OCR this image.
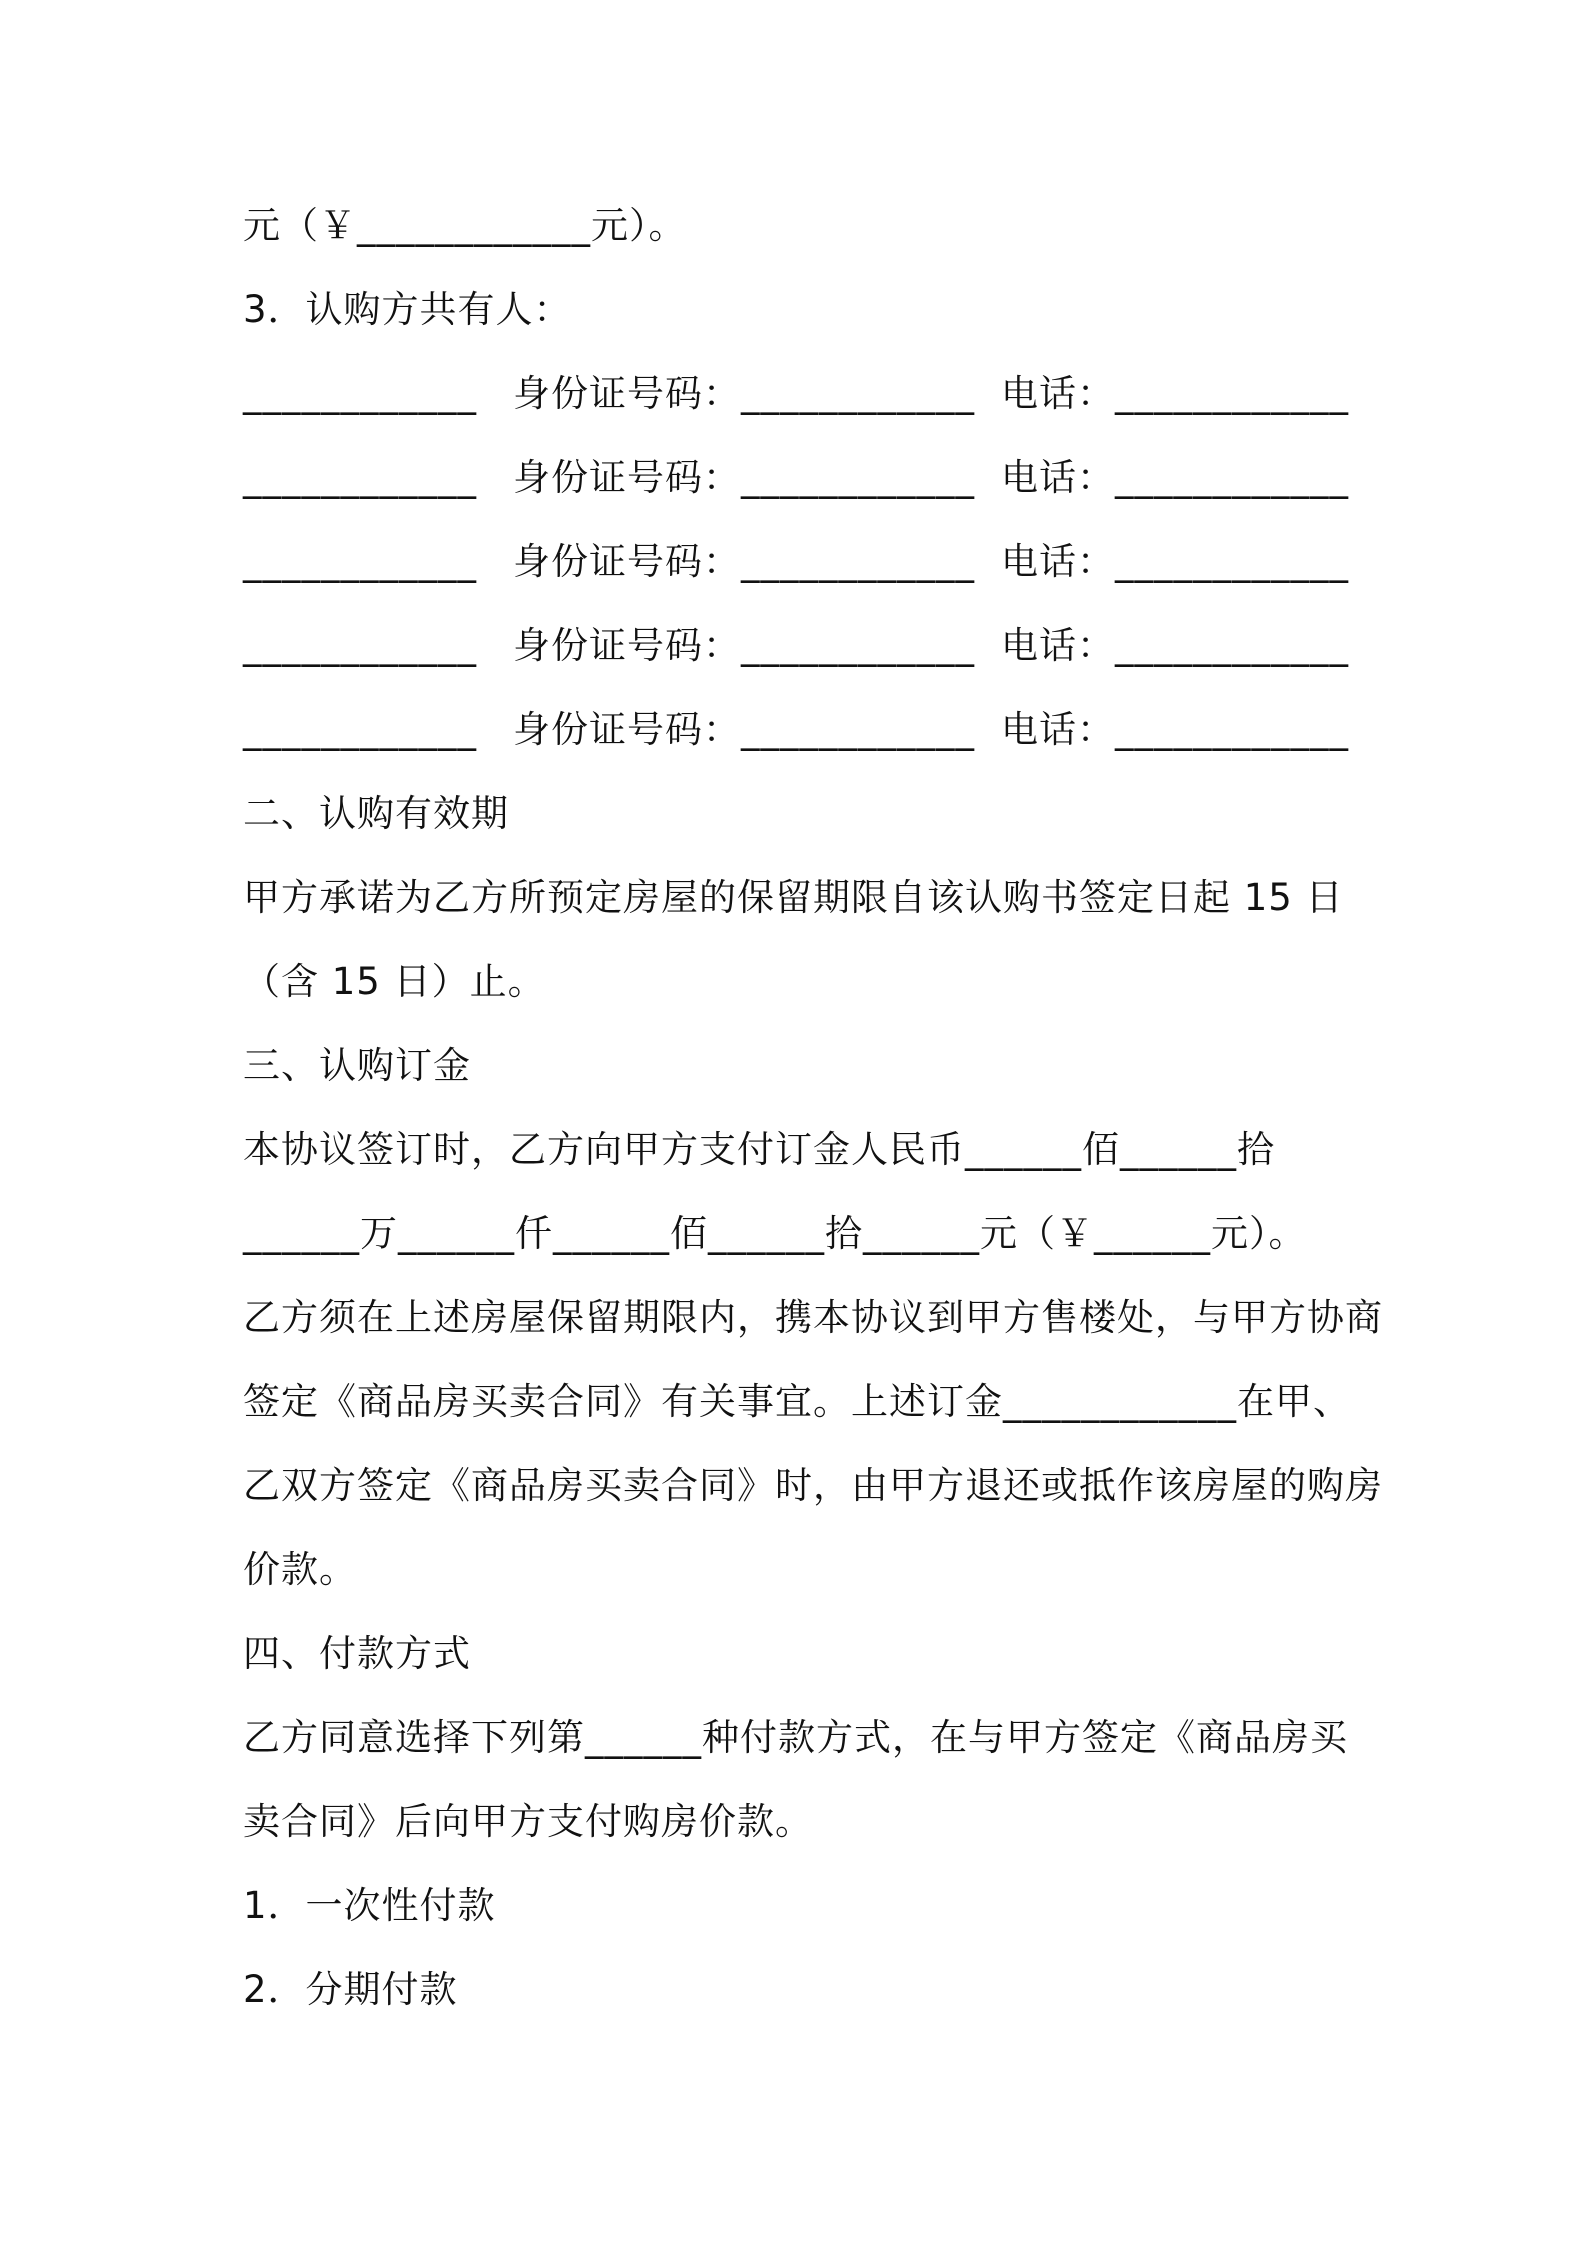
元（￥____________元）。
3．认购方共有人：
____________ 身份证号码：____________ 电话：____________
____________ 身份证号码：____________ 电话：____________
____________ 身份证号码：____________ 电话：____________
____________ 身份证号码：____________ 电话：____________
____________ 身份证号码：____________ 电话：____________
二、认购有效期
甲方承诺为乙方所预定房屋的保留期限自该认购书签定日起 15 日
（含 15 日）止。
三、认购订金
本协议签订时，乙方向甲方支付订金人民币______佰______拾
______万______仟______佰______拾______元（￥______元）。
乙方须在上述房屋保留期限内，携本协议到甲方售楼处，与甲方协商
签定《商品房买卖合同》有关事宜。上述订金____________在甲、
乙双方签定《商品房买卖合同》时，由甲方退还或抵作该房屋的购房
价款。
四、付款方式
乙方同意选择下列第______种付款方式，在与甲方签定《商品房买
卖合同》后向甲方支付购房价款。
1．一次性付款
2．分期付款
